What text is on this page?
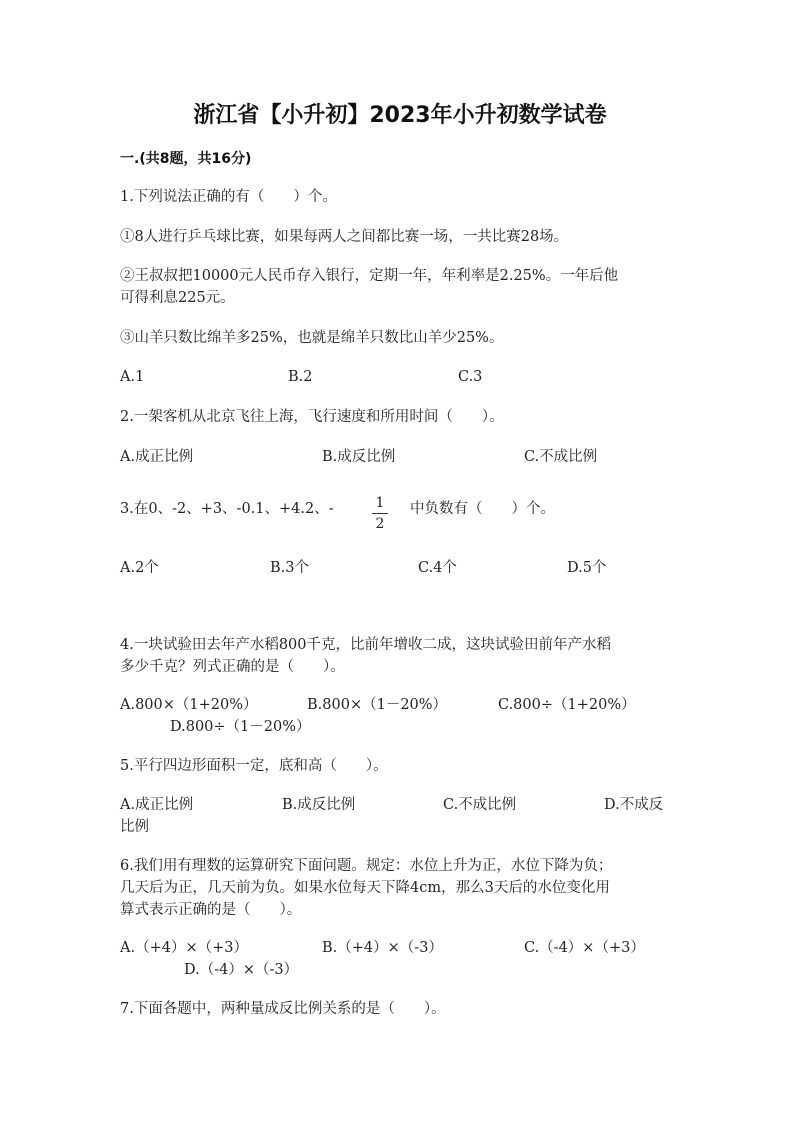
浙江省【小升初】2023年小升初数学试卷
一.(共8题，共16分)
1.下列说法正确的有（　　）个。
①8人进行乒乓球比赛，如果每两人之间都比赛一场，一共比赛28场。
②王叔叔把10000元人民币存入银行，定期一年，年利率是2.25%。一年后他
可得利息225元。
③山羊只数比绵羊多25%，也就是绵羊只数比山羊少25%。
A.1	B.2	C.3
2.一架客机从北京飞往上海，飞行速度和所用时间（　　）。
A.成正比例	B.成反比例	C.不成比例
3.在0、-2、+3、-0.1、+4.2、-	1
2
中负数有（　　）个。
A.2个	B.3个	C.4个	D.5个
4.一块试验田去年产水稻800千克，比前年增收二成，这块试验田前年产水稻
多少千克？列式正确的是（　　）。
A.800×（1+20%）	B.800×（1－20%）	C.800÷（1+20%）
D.800÷（1－20%）
5.平行四边形面积一定，底和高（　　）。
A.成正比例	B.成反比例	C.不成比例	D.不成反
比例
6.我们用有理数的运算研究下面问题。规定：水位上升为正，水位下降为负；
几天后为正，几天前为负。如果水位每天下降4cm，那么3天后的水位变化用
算式表示正确的是（　　）。
A.（+4）×（+3）	B.（+4）×（-3）	C.（-4）×（+3）
D.（-4）×（-3）
7.下面各题中，两种量成反比例关系的是（　　）。
